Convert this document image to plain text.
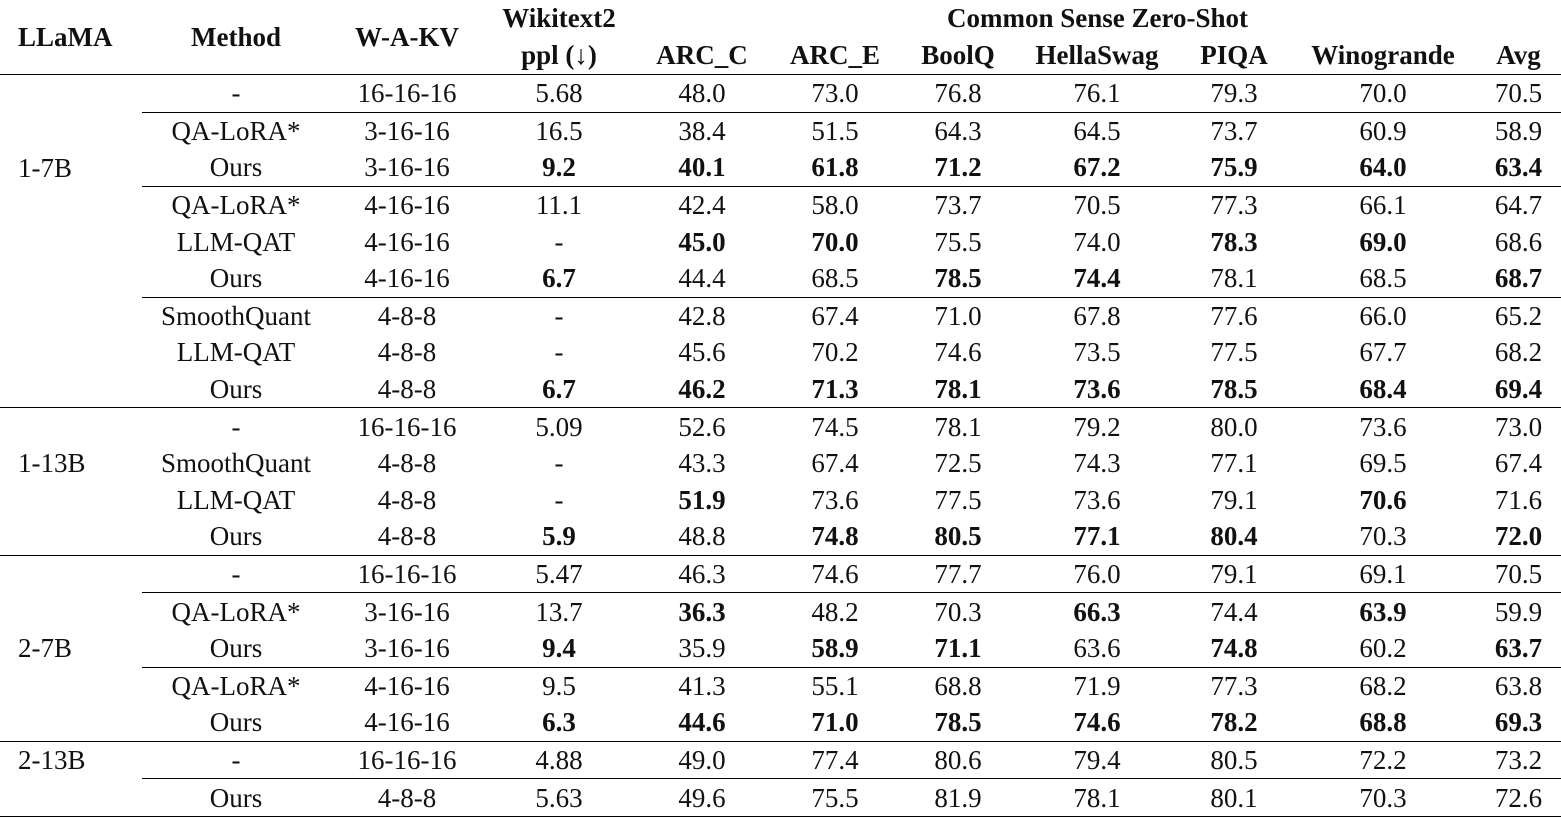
LLaMA	Method	W-A-KV	Wikitext2	Common Sense Zero-Shot						
			ppl (↓)	ARC_C	ARC_E	BoolQ	HellaSwag	PIQA	Winogrande	Avg
	-	16-16-16	5.68	48.0	73.0	76.8	76.1	79.3	70.0	70.5
	QA-LoRA*	3-16-16	16.5	38.4	51.5	64.3	64.5	73.7	60.9	58.9
1-7B	Ours	3-16-16	9.2	40.1	61.8	71.2	67.2	75.9	64.0	63.4
	QA-LoRA*	4-16-16	11.1	42.4	58.0	73.7	70.5	77.3	66.1	64.7
	LLM-QAT	4-16-16	-	45.0	70.0	75.5	74.0	78.3	69.0	68.6
	Ours	4-16-16	6.7	44.4	68.5	78.5	74.4	78.1	68.5	68.7
	SmoothQuant	4-8-8	-	42.8	67.4	71.0	67.8	77.6	66.0	65.2
	LLM-QAT	4-8-8	-	45.6	70.2	74.6	73.5	77.5	67.7	68.2
	Ours	4-8-8	6.7	46.2	71.3	78.1	73.6	78.5	68.4	69.4
	-	16-16-16	5.09	52.6	74.5	78.1	79.2	80.0	73.6	73.0
1-13B	SmoothQuant	4-8-8	-	43.3	67.4	72.5	74.3	77.1	69.5	67.4
	LLM-QAT	4-8-8	-	51.9	73.6	77.5	73.6	79.1	70.6	71.6
	Ours	4-8-8	5.9	48.8	74.8	80.5	77.1	80.4	70.3	72.0
	-	16-16-16	5.47	46.3	74.6	77.7	76.0	79.1	69.1	70.5
	QA-LoRA*	3-16-16	13.7	36.3	48.2	70.3	66.3	74.4	63.9	59.9
2-7B	Ours	3-16-16	9.4	35.9	58.9	71.1	63.6	74.8	60.2	63.7
	QA-LoRA*	4-16-16	9.5	41.3	55.1	68.8	71.9	77.3	68.2	63.8
	Ours	4-16-16	6.3	44.6	71.0	78.5	74.6	78.2	68.8	69.3
2-13B	-	16-16-16	4.88	49.0	77.4	80.6	79.4	80.5	72.2	73.2
	Ours	4-8-8	5.63	49.6	75.5	81.9	78.1	80.1	70.3	72.6
